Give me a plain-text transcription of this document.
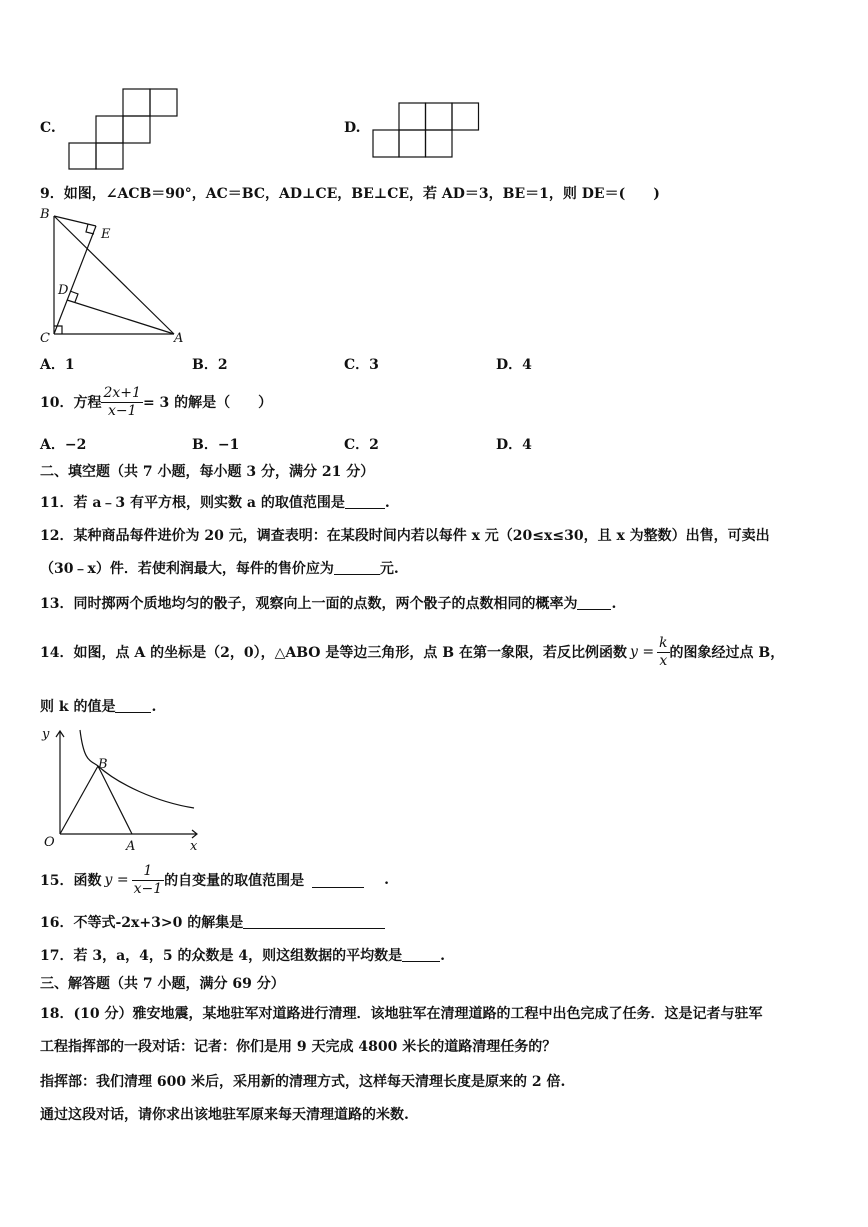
C.	D.
9．如图，∠ACB＝90°，AC＝BC，AD⊥CE，BE⊥CE，若 AD＝3，BE＝1，则 DE＝(　　)
B
E
D
C	A
A．1	B．2	C．3	D．4
10．方程 $\frac{2x+1}{x-1} = 3$ 的解是（　　）
A．−2	B．−1	C．2	D．4
二、填空题（共 7 小题，每小题 3 分，满分 21 分）
11．若 a﹣3 有平方根，则实数 a 的取值范围是	.
12．某种商品每件进价为 20 元，调查表明：在某段时间内若以每件 x 元（20≤x≤30，且 x 为整数）出售，可卖出
（30﹣x）件．若使利润最大，每件的售价应为	元.
13．同时掷两个质地均匀的骰子，观察向上一面的点数，两个骰子的点数相同的概率为 .
14．如图，点 A 的坐标是（2，0），△ABO 是等边三角形，点 B 在第一象限，若反比例函数 $y = \frac{k}{x}$ 的图象经过点 B，
则 k 的值是	.
y
B
O	A	x
15．函数 $y = \frac{1}{x-1}$ 的自变量的取值范围是	.
16．不等式-2x+3>0 的解集是
17．若 3，a，4，5 的众数是 4，则这组数据的平均数是	.
三、解答题（共 7 小题，满分 69 分）
18．(10 分）雅安地震，某地驻军对道路进行清理．该地驻军在清理道路的工程中出色完成了任务．这是记者与驻军
工程指挥部的一段对话：记者：你们是用 9 天完成 4800 米长的道路清理任务的？
指挥部：我们清理 600 米后，采用新的清理方式，这样每天清理长度是原来的 2 倍.
通过这段对话，请你求出该地驻军原来每天清理道路的米数.
